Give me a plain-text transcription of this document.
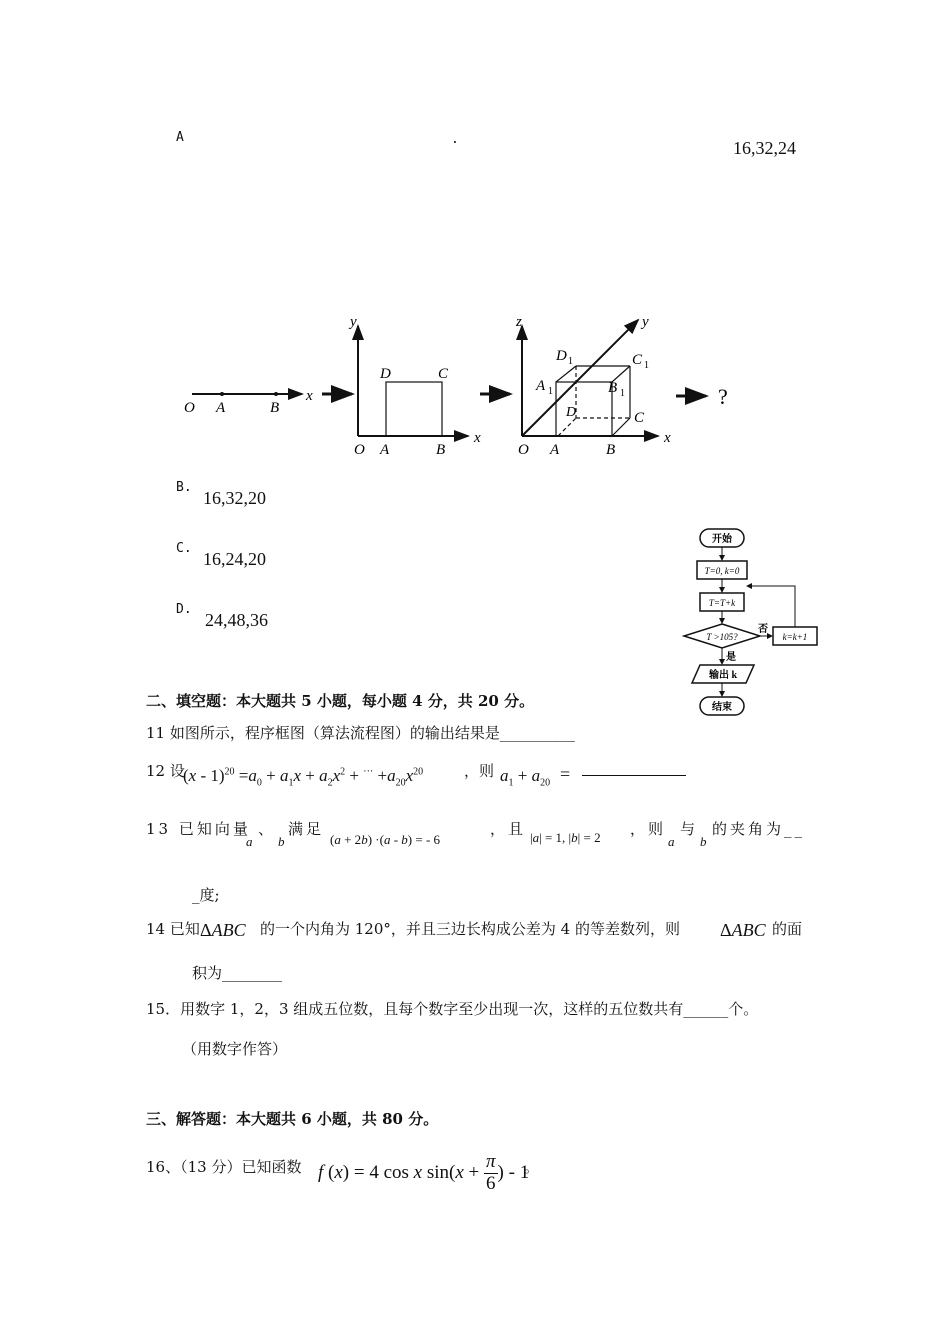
A	.	16,32,24
O A	B
x
y
O A	B
D	C
x
z	y
O A	B
x
D	C
A 1	B 1
D 1	C 1
?
B.
16,32,20
C.
16,24,20
D.
24,48,36
开始
T=0, k=0
T=T+k
T >105?
否
k=k+1
是
输出 k
结束
二、填空题：本大题共 5 小题，每小题 4 分，共 20 分。
11 如图所示，程序框图（算法流程图）的输出结果是__________
12 设
$(x - 1)^{20} =a_0 + a_1x + a_2x^2 + ^{\cdot\cdot\cdot} +a_{20}x^{20}$	，则 $a_1 + a_{20}$ =
13 已知向量
a
、
b
满足
(a + 2b) ·(a - b) = - 6
，且 |a| = 1, |b| = 2 ，则
a
与
b
的夹角为__
_度;
14 已知 ΔABC 的一个内角为 120°，并且三边长构成公差为 4 的等差数列，则 ΔABC 的面
积为________
15．用数字 1，2，3 组成五位数，且每个数字至少出现一次，这样的五位数共有______个。
（用数字作答）
三、解答题：本大题共 6 小题，共 80 分。
16、（13 分）已知函数 f (x) = 4 cos x $\sin(x + \frac{\pi}{6}$ ) - 1
。
